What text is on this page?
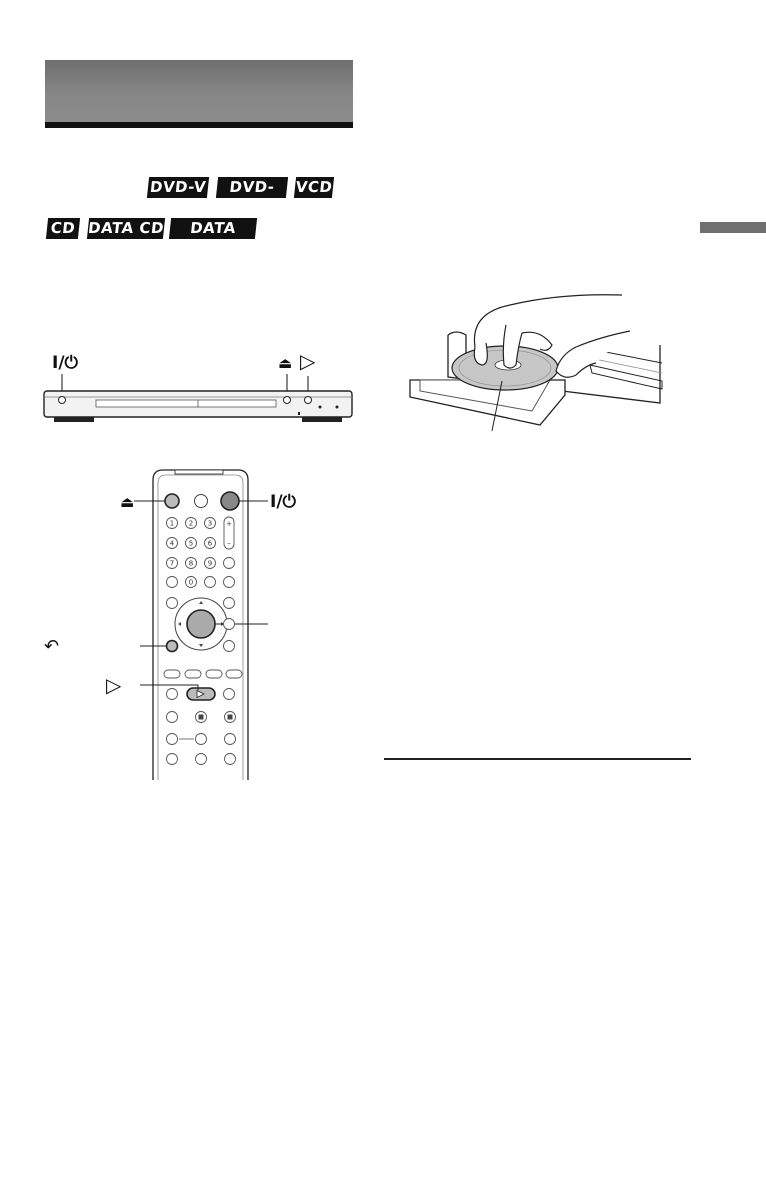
DVD-V	DVD-RW
VCD
CD DATA CD	DATA DVD
I/⏻	⏏ ▷
⏏	I/⏻
1 2 3 +
–
4 5 6
7 8 9
0
↶
▷
